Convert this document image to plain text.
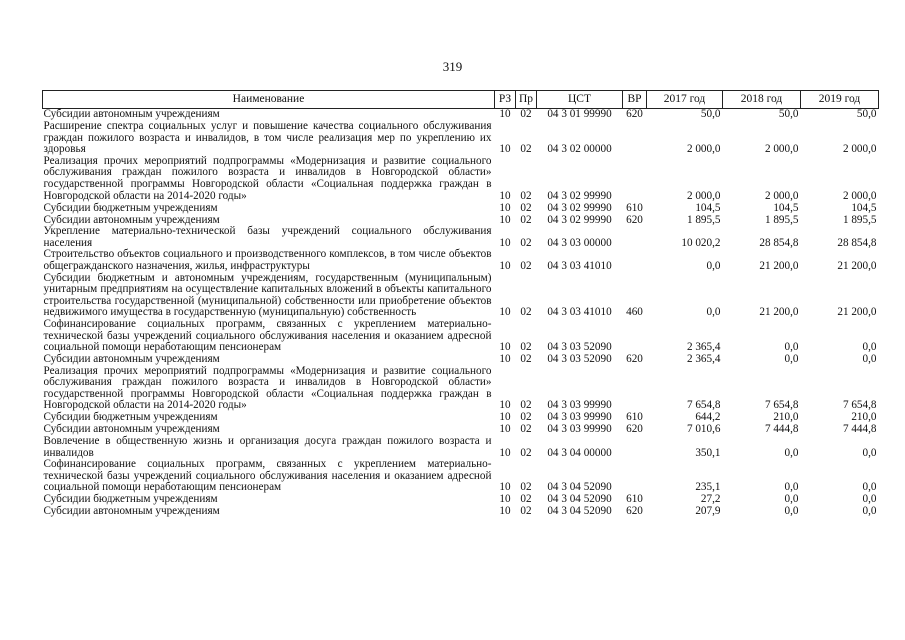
319
Наименование	РЗ	Пр	ЦСТ	ВР	2017 год	2018 год	2019 год
Субсидии автономным учреждениям	10	02	04 3 01 99990	620	50,0	50,0	50,0
Расширение спектра социальных услуг и повышение качества социального обслуживания граждан пожилого возраста и инвалидов, в том числе реализация мер по укреплению их здоровья	10	02	04 3 02 00000		2 000,0	2 000,0	2 000,0
Реализация прочих мероприятий подпрограммы «Модернизация и развитие социального обслуживания граждан пожилого возраста и инвалидов в Новгородской области» государственной программы Новгородской области «Социальная поддержка граждан в Новгородской области на 2014-2020 годы»	10	02	04 3 02 99990		2 000,0	2 000,0	2 000,0
Субсидии бюджетным учреждениям	10	02	04 3 02 99990	610	104,5	104,5	104,5
Субсидии автономным учреждениям	10	02	04 3 02 99990	620	1 895,5	1 895,5	1 895,5
Укрепление материально-технической базы учреждений социального обслуживания населения	10	02	04 3 03 00000		10 020,2	28 854,8	28 854,8
Строительство объектов социального и производственного комплексов, в том числе объектов общегражданского назначения, жилья, инфраструктуры	10	02	04 3 03 41010		0,0	21 200,0	21 200,0
Субсидии бюджетным и автономным учреждениям, государственным (муниципальным) унитарным предприятиям на осуществление капитальных вложений в объекты капитального строительства государственной (муниципальной) собственности или приобретение объектов недвижимого имущества в государственную (муниципальную) собственность	10	02	04 3 03 41010	460	0,0	21 200,0	21 200,0
Софинансирование социальных программ, связанных с укреплением материально-технической базы учреждений социального обслуживания населения и оказанием адресной социальной помощи неработающим пенсионерам	10	02	04 3 03 52090		2 365,4	0,0	0,0
Субсидии автономным учреждениям	10	02	04 3 03 52090	620	2 365,4	0,0	0,0
Реализация прочих мероприятий подпрограммы «Модернизация и развитие социального обслуживания граждан пожилого возраста и инвалидов в Новгородской области» государственной программы Новгородской области «Социальная поддержка граждан в Новгородской области на 2014-2020 годы»	10	02	04 3 03 99990		7 654,8	7 654,8	7 654,8
Субсидии бюджетным учреждениям	10	02	04 3 03 99990	610	644,2	210,0	210,0
Субсидии автономным учреждениям	10	02	04 3 03 99990	620	7 010,6	7 444,8	7 444,8
Вовлечение в общественную жизнь и организация досуга граждан пожилого возраста и инвалидов	10	02	04 3 04 00000		350,1	0,0	0,0
Софинансирование социальных программ, связанных с укреплением материально-технической базы учреждений социального обслуживания населения и оказанием адресной социальной помощи неработающим пенсионерам	10	02	04 3 04 52090		235,1	0,0	0,0
Субсидии бюджетным учреждениям	10	02	04 3 04 52090	610	27,2	0,0	0,0
Субсидии автономным учреждениям	10	02	04 3 04 52090	620	207,9	0,0	0,0
